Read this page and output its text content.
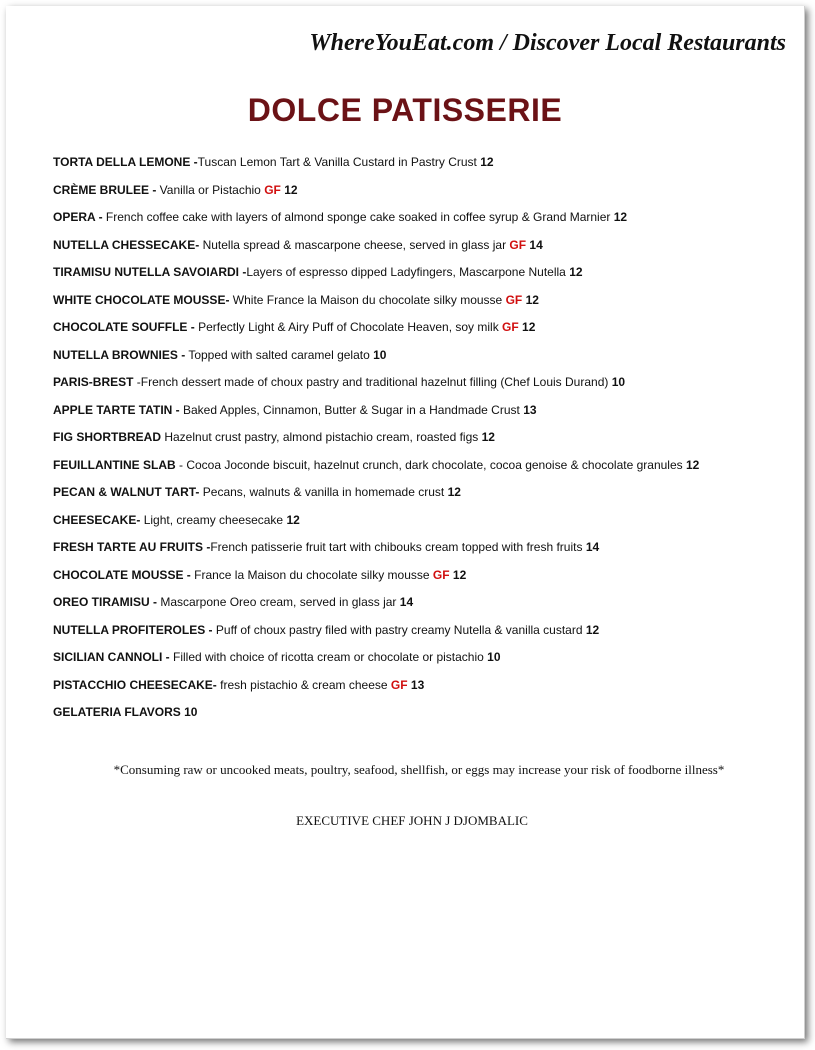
WhereYouEat.com / Discover Local Restaurants
DOLCE PATISSERIE
TORTA DELLA LEMONE -Tuscan Lemon Tart & Vanilla Custard in Pastry Crust 12
CRÈME BRULEE - Vanilla or Pistachio GF 12
OPERA - French coffee cake with layers of almond sponge cake soaked in coffee syrup & Grand Marnier 12
NUTELLA CHESSECAKE- Nutella spread & mascarpone cheese, served in glass jar GF 14
TIRAMISU NUTELLA SAVOIARDI -Layers of espresso dipped Ladyfingers, Mascarpone Nutella 12
WHITE CHOCOLATE MOUSSE- White France la Maison du chocolate silky mousse GF 12
CHOCOLATE SOUFFLE - Perfectly Light & Airy Puff of Chocolate Heaven, soy milk GF 12
NUTELLA BROWNIES - Topped with salted caramel gelato 10
PARIS-BREST -French dessert made of choux pastry and traditional hazelnut filling (Chef Louis Durand) 10
APPLE TARTE TATIN - Baked Apples, Cinnamon, Butter & Sugar in a Handmade Crust 13
FIG SHORTBREAD Hazelnut crust pastry, almond pistachio cream, roasted figs 12
FEUILLANTINE SLAB - Cocoa Joconde biscuit, hazelnut crunch, dark chocolate, cocoa genoise & chocolate granules 12
PECAN & WALNUT TART- Pecans, walnuts & vanilla in homemade crust 12
CHEESECAKE- Light, creamy cheesecake 12
FRESH TARTE AU FRUITS -French patisserie fruit tart with chibouks cream topped with fresh fruits 14
CHOCOLATE MOUSSE - France la Maison du chocolate silky mousse GF 12
OREO TIRAMISU - Mascarpone Oreo cream, served in glass jar 14
NUTELLA PROFITEROLES - Puff of choux pastry filed with pastry creamy Nutella & vanilla custard 12
SICILIAN CANNOLI - Filled with choice of ricotta cream or chocolate or pistachio 10
PISTACCHIO CHEESECAKE- fresh pistachio & cream cheese GF 13
GELATERIA FLAVORS 10
*Consuming raw or uncooked meats, poultry, seafood, shellfish, or eggs may increase your risk of foodborne illness*
EXECUTIVE CHEF JOHN J DJOMBALIC
